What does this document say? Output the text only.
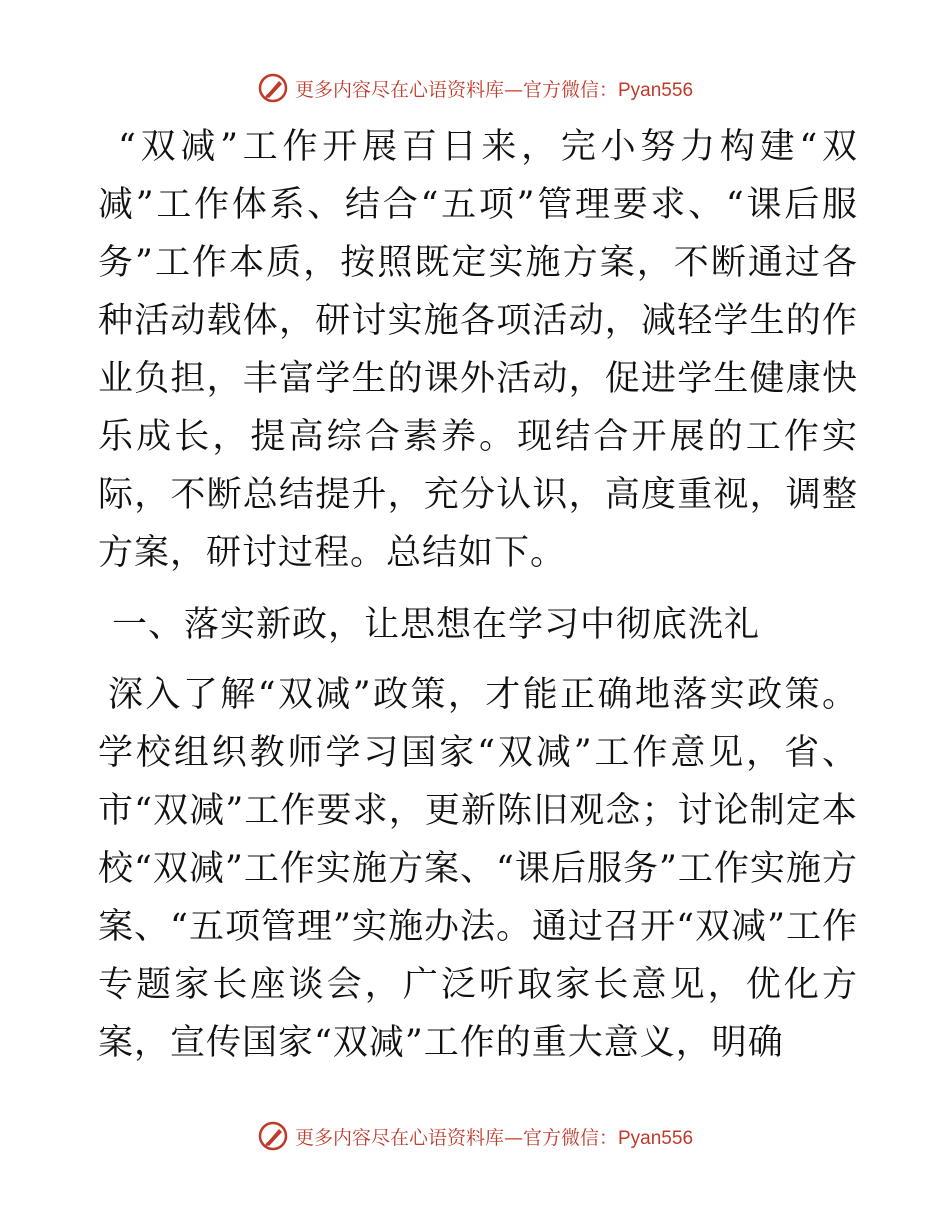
更多内容尽在心语资料库—官方微信：Pyan556

“双减”工作开展百日来，完小努力构建“双减”工作体系、结合“五项”管理要求、“课后服务”工作本质，按照既定实施方案，不断通过各种活动载体，研讨实施各项活动，减轻学生的作业负担，丰富学生的课外活动，促进学生健康快乐成长，提高综合素养。现结合开展的工作实际，不断总结提升，充分认识，高度重视，调整方案，研讨过程。总结如下。

一、落实新政，让思想在学习中彻底洗礼

深入了解“双减”政策，才能正确地落实政策。学校组织教师学习国家“双减”工作意见，省、市“双减”工作要求，更新陈旧观念；讨论制定本校“双减”工作实施方案、“课后服务”工作实施方案、“五项管理”实施办法。通过召开“双减”工作专题家长座谈会，广泛听取家长意见，优化方案，宣传国家“双减”工作的重大意义，明确

更多内容尽在心语资料库—官方微信：Pyan556
